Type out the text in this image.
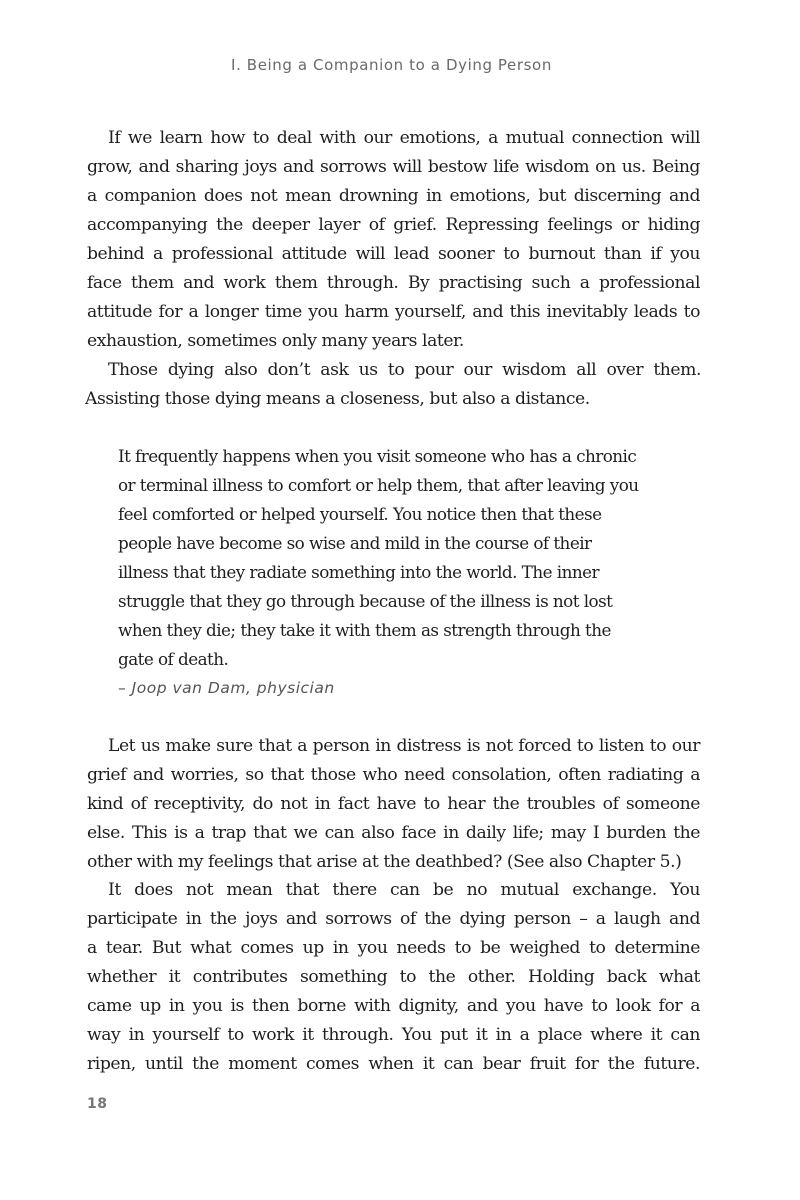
I. Being a Companion to a Dying Person
If we learn how to deal with our emotions, a mutual connection will
grow, and sharing joys and sorrows will bestow life wisdom on us. Being
a companion does not mean drowning in emotions, but discerning and
accompanying the deeper layer of grief. Repressing feelings or hiding
behind a professional attitude will lead sooner to burnout than if you
face them and work them through. By practising such a professional
attitude for a longer time you harm yourself, and this inevitably leads to
exhaustion, sometimes only many years later.
Those dying also don’t ask us to pour our wisdom all over them.
Assisting those dying means a closeness, but also a distance.
It frequently happens when you visit someone who has a chronic
or terminal illness to comfort or help them, that after leaving you
feel comforted or helped yourself. You notice then that these
people have become so wise and mild in the course of their
illness that they radiate something into the world. The inner
struggle that they go through because of the illness is not lost
when they die; they take it with them as strength through the
gate of death.
– Joop van Dam, physician
Let us make sure that a person in distress is not forced to listen to our
grief and worries, so that those who need consolation, often radiating a
kind of receptivity, do not in fact have to hear the troubles of someone
else. This is a trap that we can also face in daily life; may I burden the
other with my feelings that arise at the deathbed? (See also Chapter 5.)
It does not mean that there can be no mutual exchange. You
participate in the joys and sorrows of the dying person – a laugh and
a tear. But what comes up in you needs to be weighed to determine
whether it contributes something to the other. Holding back what
came up in you is then borne with dignity, and you have to look for a
way in yourself to work it through. You put it in a place where it can
ripen, until the moment comes when it can bear fruit for the future.
18
